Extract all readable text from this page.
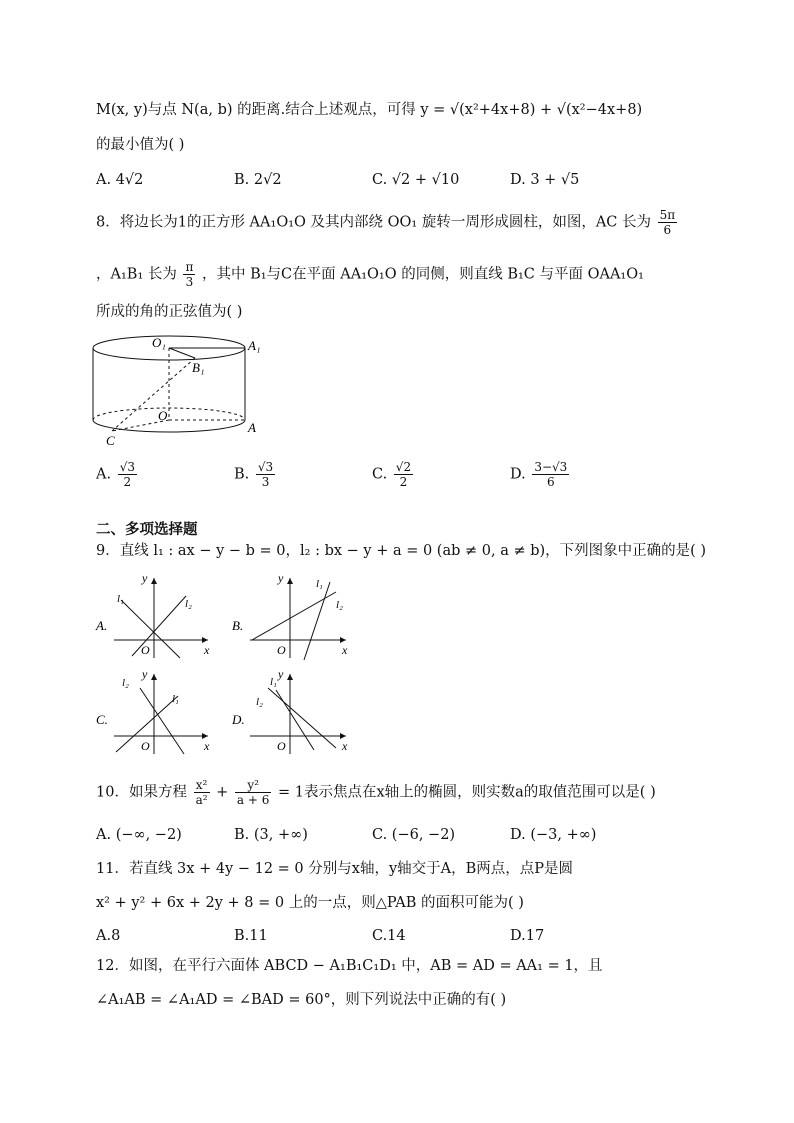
M(x, y)与点 N(a, b) 的距离.结合上述观点，可得 y = √(x²+4x+8) + √(x²−4x+8)
的最小值为( )
A. 4√2	B. 2√2	C. √2 + √10	D. 3 + √5
8．将边长为1的正方形 AA₁O₁O 及其内部绕 OO₁ 旋转一周形成圆柱，如图，AC 长为 $\frac{5\pi}{6}$
，A₁B₁ 长为 $\frac{\pi}{3}$ ，其中 B₁与C在平面 AA₁O₁O 的同侧，则直线 B₁C 与平面 OAA₁O₁
所成的角的正弦值为( )
O₁	A₁
B₁
O
A
C
A. $\frac{√3}{2}$	B. $\frac{√3}{3}$	C. $\frac{√2}{2}$	D. $\frac{3-√3}{6}$
二、多项选择题
9．直线 l₁ : ax − y − b = 0，l₂ : bx − y + a = 0 (ab ≠ 0, a ≠ b)，下列图象中正确的是( )
A.
l₁	l₂
O	x
y
B.
l₁
l₂
O	x
y
C.
l₂
l₁
O	x
y
D.
l₁
l₂
O	x
y
10．如果方程 $\frac{\text{x²}}{\text{a²}} + \frac{\text{y²}}{a + 6} = 1$表示焦点在x轴上的椭圆，则实数a的取值范围可以是( )
A. (−∞, −2)	B. (3, +∞)	C. (−6, −2)	D. (−3, +∞)
11．若直线 3x + 4y − 12 = 0 分别与x轴，y轴交于A，B两点，点P是圆
x² + y² + 6x + 2y + 8 = 0 上的一点，则△PAB 的面积可能为( )
A.8	B.11	C.14	D.17
12．如图，在平行六面体 ABCD − A₁B₁C₁D₁ 中，AB = AD = AA₁ = 1，且
∠A₁AB = ∠A₁AD = ∠BAD = 60°，则下列说法中正确的有( )
